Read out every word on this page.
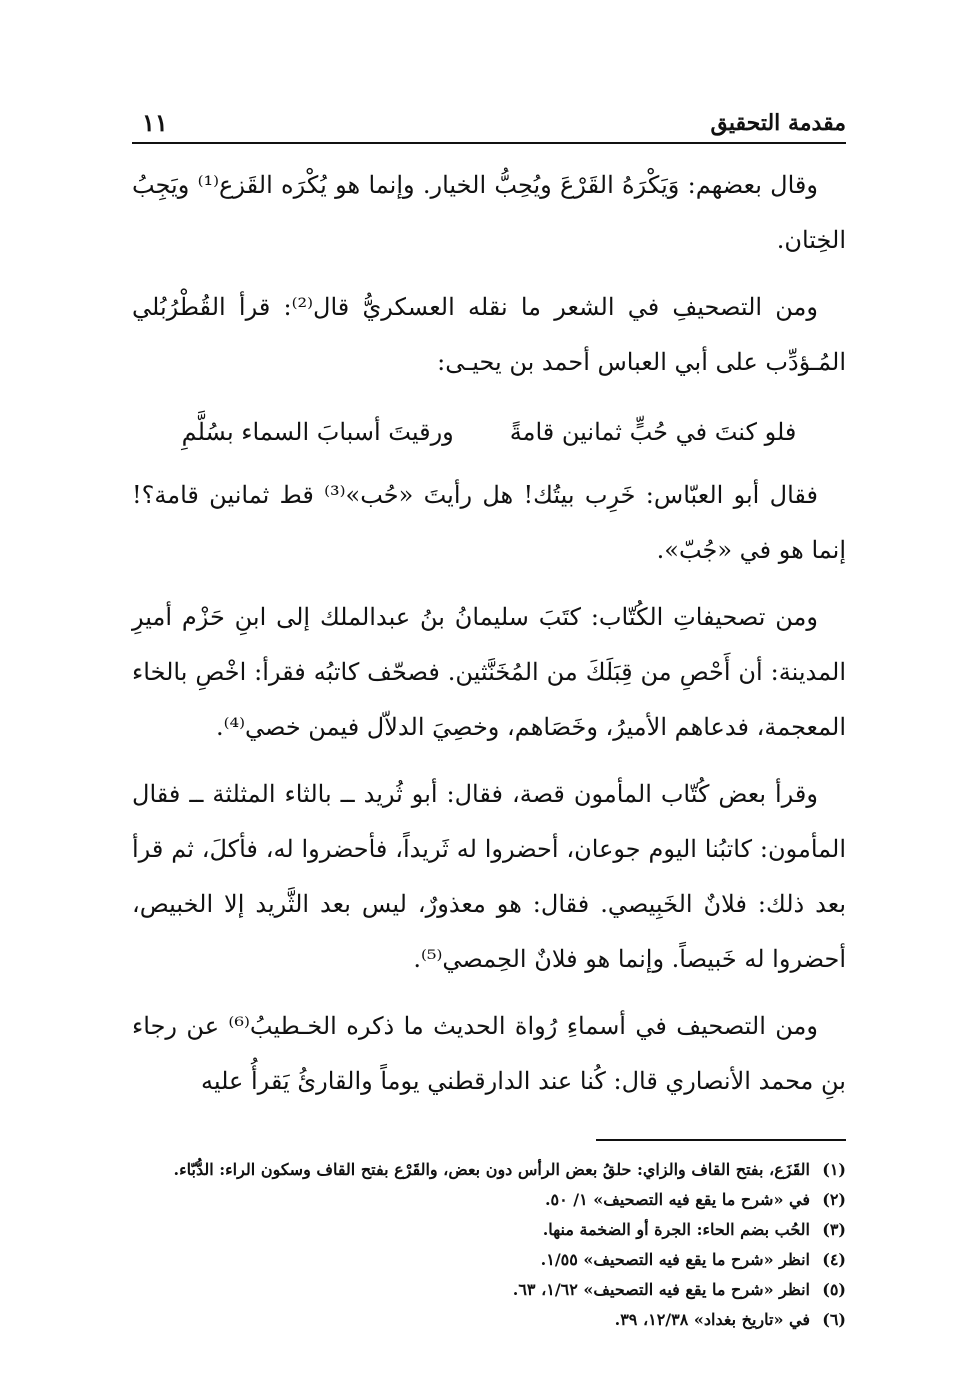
مقدمة التحقيق
١١

وقال بعضهم: وَيَكْرَهُ القَرْعَ ويُحِبُّ الخيار. وإنما هو يُكْرَه القَزع⁽¹⁾ ويَجِبُ الخِتان.

ومن التصحيفِ في الشعر ما نقله العسكريُّ قال⁽²⁾: قرأ القُطْرُبُلي المُـؤدِّب على أبي العباس أحمد بن يحيـى:

فلو كنتَ في حُبٍّ ثمانين قامةً
ورقيتَ أسبابَ السماء بسُلَّمِ

فقال أبو العبّاس: خَرِب بيتُك! هل رأيتَ «حُب»⁽³⁾ قط ثمانين قامة؟! إنما هو في «جُبّ».

ومن تصحيفاتِ الكُتّاب: كتَبَ سليمانُ بنُ عبدالملك إلى ابنِ حَزْم أميرِ المدينة: أن أَحْصِ من قِبَلَكَ من المُخَنَّثين. فصحّف كاتبُه فقرأ: اخْصِ بالخاء المعجمة، فدعاهم الأميرُ، وخَصَاهم، وخصِيَ الدلاّل فيمن خصي⁽⁴⁾.

وقرأ بعض كُتّاب المأمون قصة، فقال: أبو ثُريد ــ بالثاء المثلثة ــ فقال المأمون: كاتبُنا اليوم جوعان، أحضروا له ثَريداً، فأحضروا له، فأكلَ، ثم قرأ بعد ذلك: فلانٌ الخَبِيصي. فقال: هو معذورٌ، ليس بعد الثَّريد إلا الخبيص، أحضروا له خَبيصاً. وإنما هو فلانٌ الحِمصي⁽⁵⁾.

ومن التصحيف في أسماءِ رُواة الحديث ما ذكره الخـطيبُ⁽⁶⁾ عن رجاء بنِ محمد الأنصاري قال: كُنا عند الدارقطني يوماً والقارئُ يَقرأُ عليه

(١)
القَزَع، بفتح القاف والزاي: حلقُ بعض الرأس دون بعض، والقَرْع بفتح القاف وسكون الراء: الدُّبّاء.

(٢)
في «شرح ما يقع فيه التصحيف» ١/ ٥٠.

(٣)
الحُب بضم الحاء: الجرة أو الضخمة منها.

(٤)
انظر «شرح ما يقع فيه التصحيف» ١/٥٥.

(٥)
انظر «شرح ما يقع فيه التصحيف» ١/٦٢، ٦٣.

(٦)
في «تاريخ بغداد» ١٢/٣٨، ٣٩.
